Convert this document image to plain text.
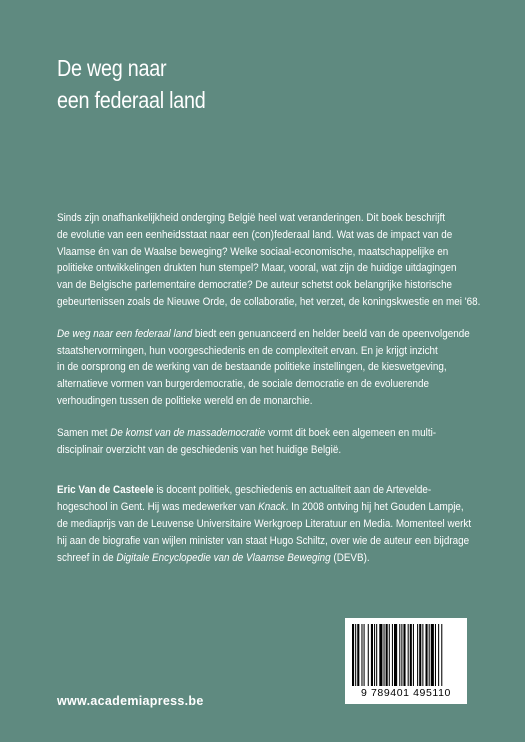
De weg naar
een federaal land
Sinds zijn onafhankelijkheid onderging België heel wat veranderingen. Dit boek beschrijft
de evolutie van een eenheidsstaat naar een (con)federaal land. Wat was de impact van de
Vlaamse én van de Waalse beweging? Welke sociaal-economische, maatschappelijke en
politieke ontwikkelingen drukten hun stempel? Maar, vooral, wat zijn de huidige uitdagingen
van de Belgische parlementaire democratie? De auteur schetst ook belangrijke historische
gebeurtenissen zoals de Nieuwe Orde, de collaboratie, het verzet, de koningskwestie en mei '68.
De weg naar een federaal land biedt een genuanceerd en helder beeld van de opeenvolgende
staatshervormingen, hun voorgeschiedenis en de complexiteit ervan. En je krijgt inzicht
in de oorsprong en de werking van de bestaande politieke instellingen, de kieswetgeving,
alternatieve vormen van burgerdemocratie, de sociale democratie en de evoluerende
verhoudingen tussen de politieke wereld en de monarchie.
Samen met De komst van de massademocratie vormt dit boek een algemeen en multi-
disciplinair overzicht van de geschiedenis van het huidige België.
Eric Van de Casteele is docent politiek, geschiedenis en actualiteit aan de Artevelde-
hogeschool in Gent. Hij was medewerker van Knack. In 2008 ontving hij het Gouden Lampje,
de mediaprijs van de Leuvense Universitaire Werkgroep Literatuur en Media. Momenteel werkt
hij aan de biografie van wijlen minister van staat Hugo Schiltz, over wie de auteur een bijdrage
schreef in de Digitale Encyclopedie van de Vlaamse Beweging (DEVB).
9 789401 495110
www.academiapress.be
